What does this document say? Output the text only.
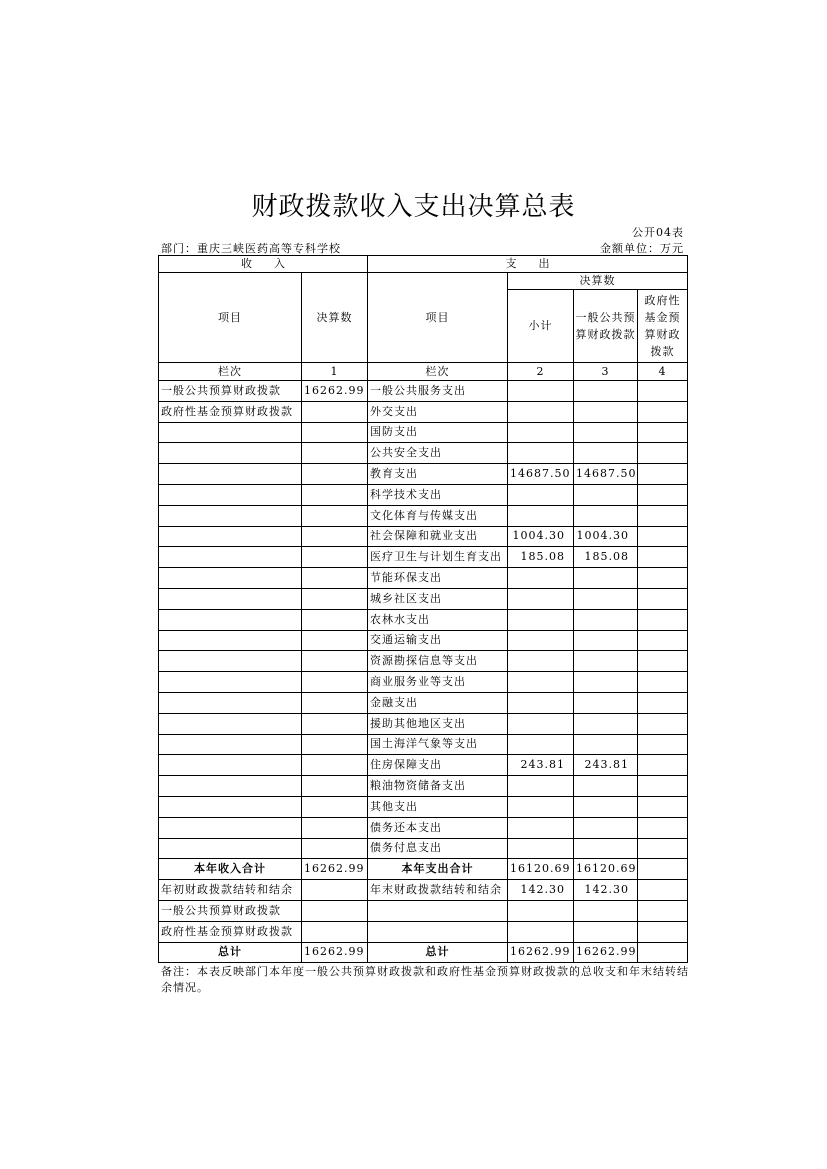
财政拨款收入支出决算总表
公开04表
部门：重庆三峡医药高等专科学校	金额单位：万元
收　　入		支　　出			
项目	决算数	项目	决算数		
			小计	一般公共预算财政拨款	政府性基金预算财政拨款
栏次	1	栏次	2	3	4
一般公共预算财政拨款	16262.99	一般公共服务支出			
政府性基金预算财政拨款		外交支出			
		国防支出			
		公共安全支出			
		教育支出	14687.50	14687.50	
		科学技术支出			
		文化体育与传媒支出			
		社会保障和就业支出	1004.30	1004.30	
		医疗卫生与计划生育支出	185.08	185.08	
		节能环保支出			
		城乡社区支出			
		农林水支出			
		交通运输支出			
		资源勘探信息等支出			
		商业服务业等支出			
		金融支出			
		援助其他地区支出			
		国土海洋气象等支出			
		住房保障支出	243.81	243.81	
		粮油物资储备支出			
		其他支出			
		债务还本支出			
		债务付息支出			
本年收入合计	16262.99	本年支出合计	16120.69	16120.69	
年初财政拨款结转和结余		年末财政拨款结转和结余	142.30	142.30	
一般公共预算财政拨款					
政府性基金预算财政拨款					
总计	16262.99	总计	16262.99	16262.99	
备注：本表反映部门本年度一般公共预算财政拨款和政府性基金预算财政拨款的总收支和年末结转结余情况。
